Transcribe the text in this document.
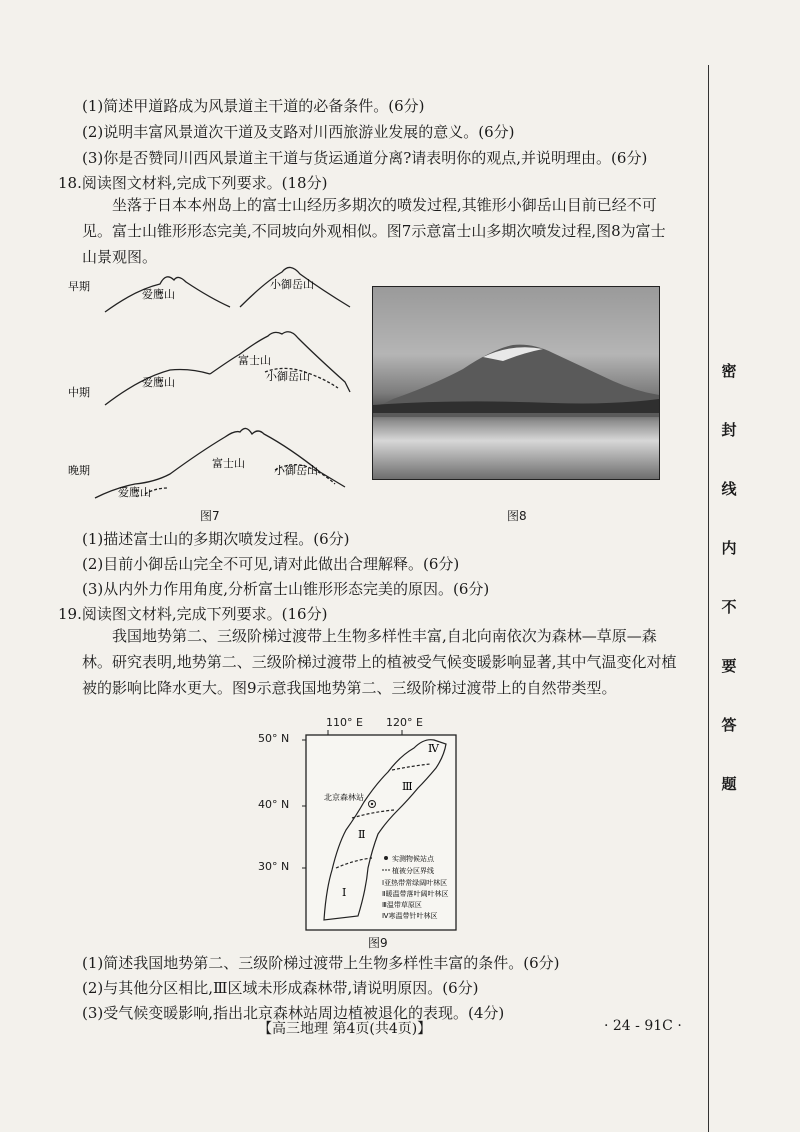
(1)简述甲道路成为风景道主干道的必备条件。(6分)
(2)说明丰富风景道次干道及支路对川西旅游业发展的意义。(6分)
(3)你是否赞同川西风景道主干道与货运通道分离?请表明你的观点,并说明理由。(6分)
18.阅读图文材料,完成下列要求。(18分)
坐落于日本本州岛上的富士山经历多期次的喷发过程,其锥形小御岳山目前已经不可见。富士山锥形形态完美,不同坡向外观相似。图7示意富士山多期次喷发过程,图8为富士山景观图。
早期
中期
晚期
爱鹰山
小御岳山
爱鹰山
富士山
小御岳山
富士山
小御岳山
爱鹰山
图7	图8
(1)描述富士山的多期次喷发过程。(6分)
(2)目前小御岳山完全不可见,请对此做出合理解释。(6分)
(3)从内外力作用角度,分析富士山锥形形态完美的原因。(6分)
19.阅读图文材料,完成下列要求。(16分)
我国地势第二、三级阶梯过渡带上生物多样性丰富,自北向南依次为森林—草原—森林。研究表明,地势第二、三级阶梯过渡带上的植被受气候变暖影响显著,其中气温变化对植被的影响比降水更大。图9示意我国地势第二、三级阶梯过渡带上的自然带类型。
北京森林站
Ⅰ
Ⅱ
Ⅲ
Ⅳ
实测物候站点
植被分区界线
Ⅰ亚热带常绿阔叶林区
Ⅱ暖温带落叶阔叶林区
Ⅲ温带草原区
Ⅳ寒温带针叶林区
110° E 120° E
50° N
40° N
30° N
图9
(1)简述我国地势第二、三级阶梯过渡带上生物多样性丰富的条件。(6分)
(2)与其他分区相比,Ⅲ区域未形成森林带,请说明原因。(6分)
(3)受气候变暖影响,指出北京森林站周边植被退化的表现。(4分)
【高三地理 第4页(共4页)】	· 24 - 91C ·
密
封
线
内
不
要
答
题
